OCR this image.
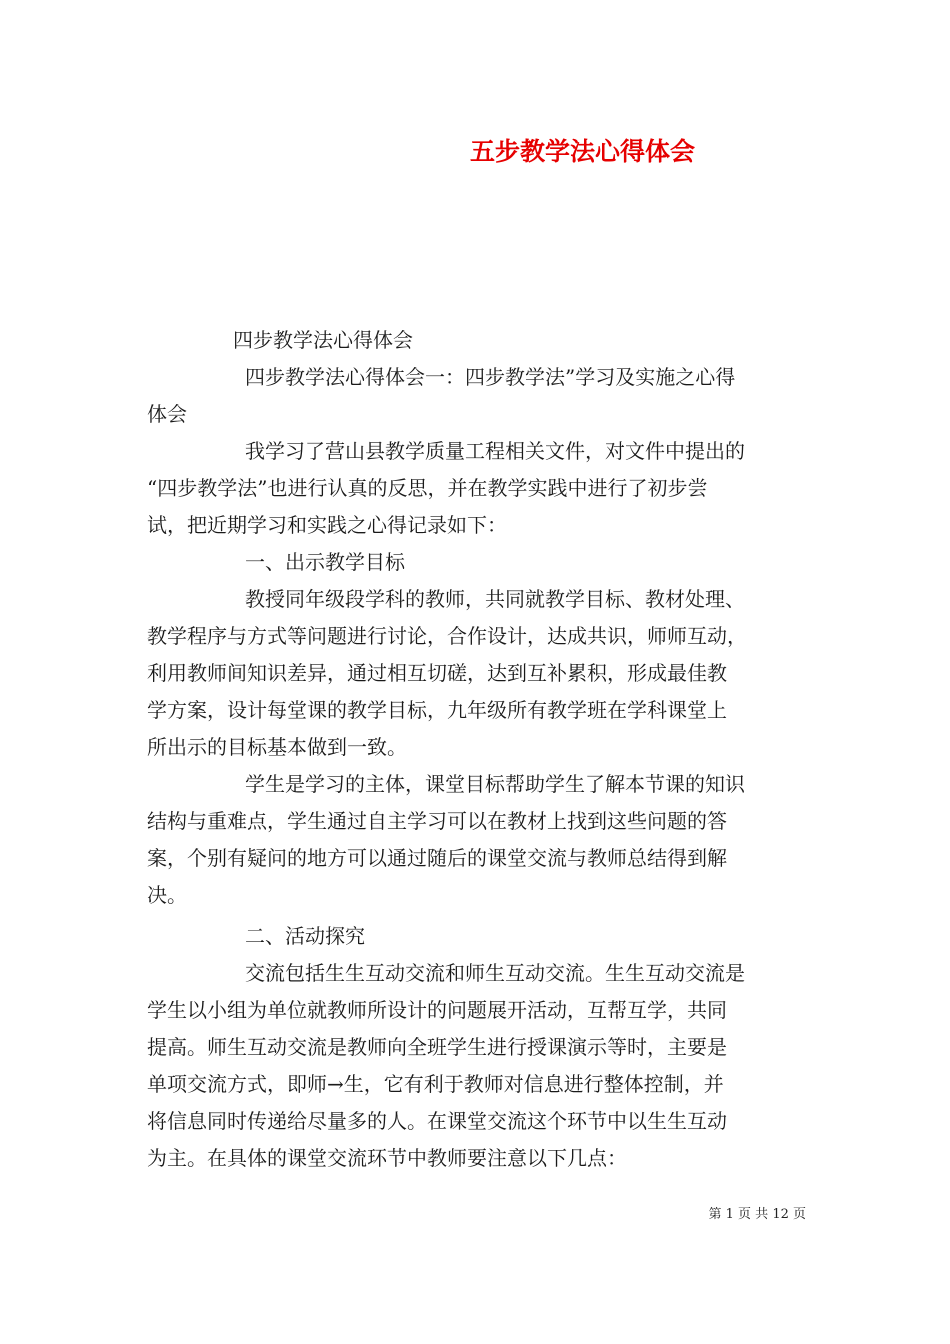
五步教学法心得体会
四步教学法心得体会
四步教学法心得体会一：四步教学法”学习及实施之心得
体会
我学习了营山县教学质量工程相关文件，对文件中提出的
“四步教学法”也进行认真的反思，并在教学实践中进行了初步尝
试，把近期学习和实践之心得记录如下：
一、出示教学目标
教授同年级段学科的教师，共同就教学目标、教材处理、
教学程序与方式等问题进行讨论，合作设计，达成共识，师师互动，
利用教师间知识差异，通过相互切磋，达到互补累积，形成最佳教
学方案，设计每堂课的教学目标，九年级所有教学班在学科课堂上
所出示的目标基本做到一致。
学生是学习的主体，课堂目标帮助学生了解本节课的知识
结构与重难点，学生通过自主学习可以在教材上找到这些问题的答
案，个别有疑问的地方可以通过随后的课堂交流与教师总结得到解
决。
二、活动探究
交流包括生生互动交流和师生互动交流。生生互动交流是
学生以小组为单位就教师所设计的问题展开活动，互帮互学，共同
提高。师生互动交流是教师向全班学生进行授课演示等时，主要是
单项交流方式，即师→生，它有利于教师对信息进行整体控制，并
将信息同时传递给尽量多的人。在课堂交流这个环节中以生生互动
为主。在具体的课堂交流环节中教师要注意以下几点：
第 1 页 共 12 页
